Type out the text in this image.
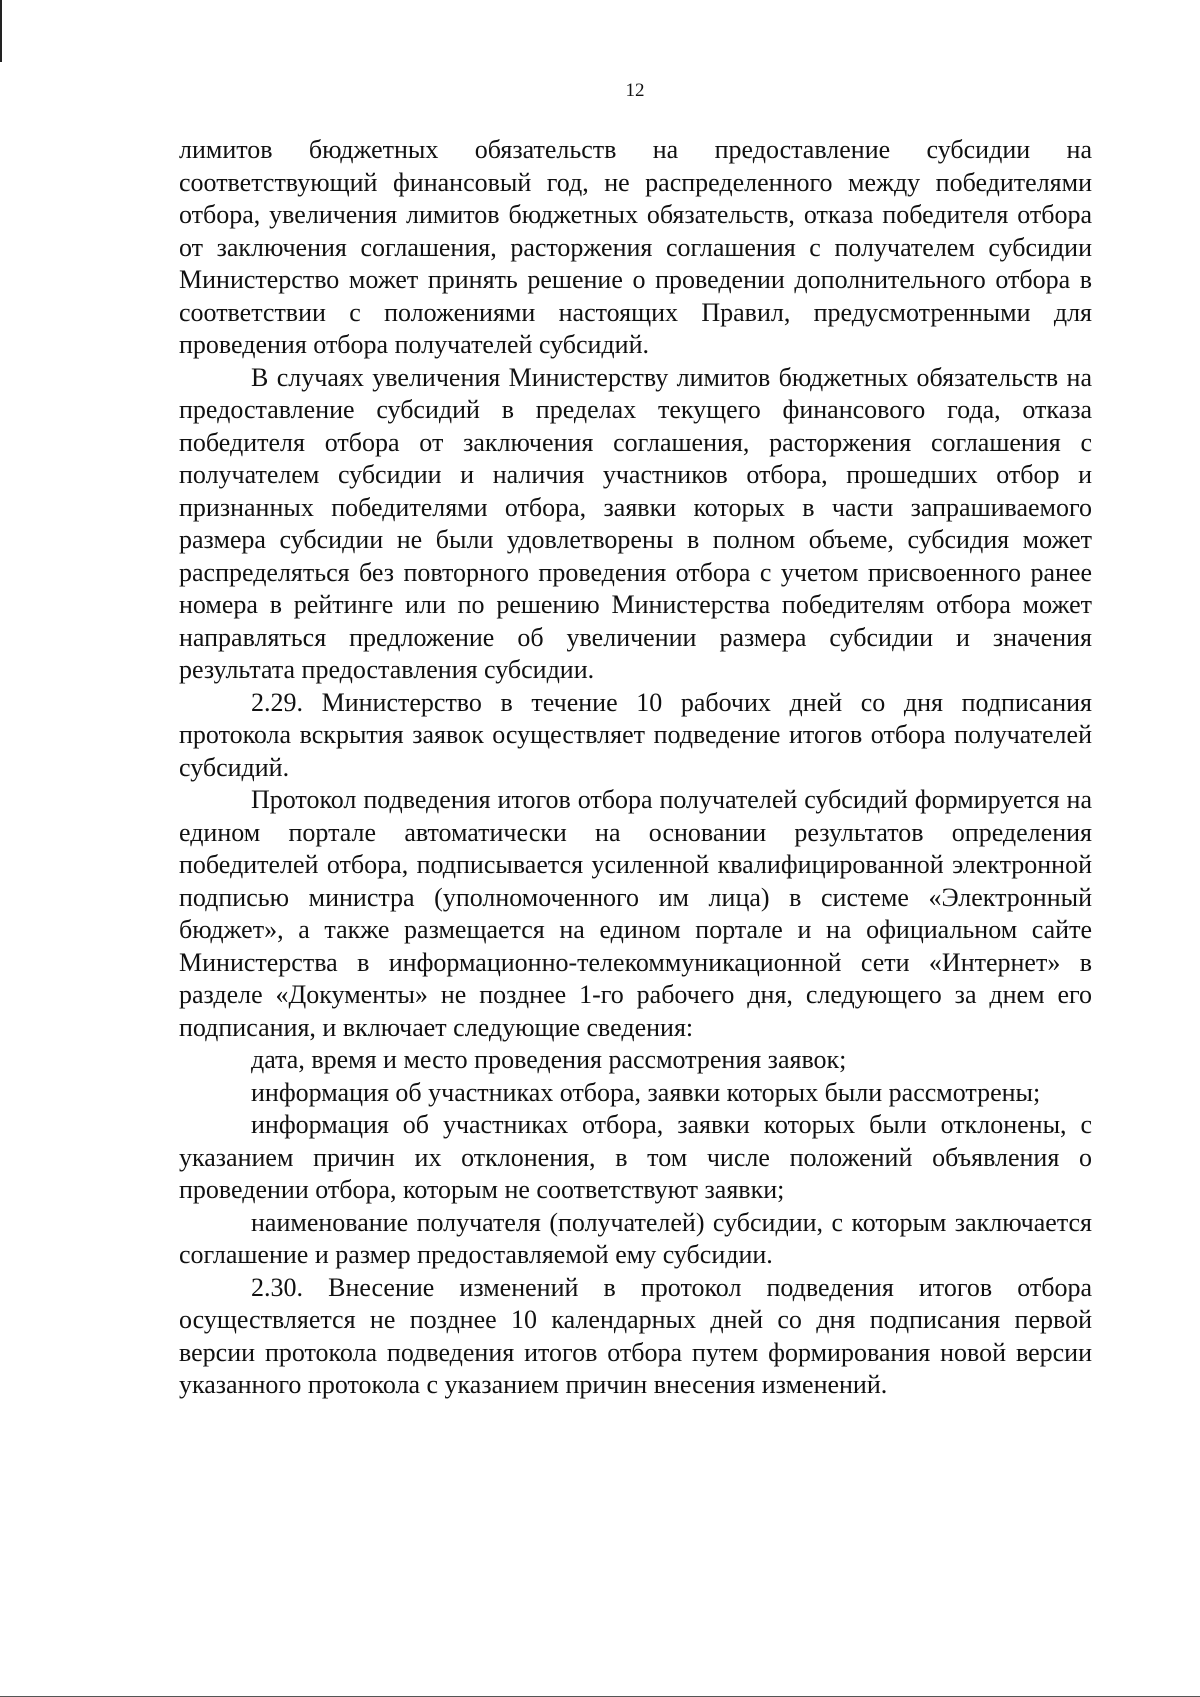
12

лимитов бюджетных обязательств на предоставление субсидии на соответствующий финансовый год, не распределенного между победителями отбора, увеличения лимитов бюджетных обязательств, отказа победителя отбора от заключения соглашения, расторжения соглашения с получателем субсидии Министерство может принять решение о проведении дополнительного отбора в соответствии с положениями настоящих Правил, предусмотренными для проведения отбора получателей субсидий.

В случаях увеличения Министерству лимитов бюджетных обязательств на предоставление субсидий в пределах текущего финансового года, отказа победителя отбора от заключения соглашения, расторжения соглашения с получателем субсидии и наличия участников отбора, прошедших отбор и признанных победителями отбора, заявки которых в части запрашиваемого размера субсидии не были удовлетворены в полном объеме, субсидия может распределяться без повторного проведения отбора с учетом присвоенного ранее номера в рейтинге или по решению Министерства победителям отбора может направляться предложение об увеличении размера субсидии и значения результата предоставления субсидии.

2.29. Министерство в течение 10 рабочих дней со дня подписания протокола вскрытия заявок осуществляет подведение итогов отбора получателей субсидий.

Протокол подведения итогов отбора получателей субсидий формируется на едином портале автоматически на основании результатов определения победителей отбора, подписывается усиленной квалифицированной электронной подписью министра (уполномоченного им лица) в системе «Электронный бюджет», а также размещается на едином портале и на официальном сайте Министерства в информационно-телекоммуникационной сети «Интернет» в разделе «Документы» не позднее 1-го рабочего дня, следующего за днем его подписания, и включает следующие сведения:

дата, время и место проведения рассмотрения заявок;

информация об участниках отбора, заявки которых были рассмотрены;

информация об участниках отбора, заявки которых были отклонены, с указанием причин их отклонения, в том числе положений объявления о проведении отбора, которым не соответствуют заявки;

наименование получателя (получателей) субсидии, с которым заключается соглашение и размер предоставляемой ему субсидии.

2.30. Внесение изменений в протокол подведения итогов отбора осуществляется не позднее 10 календарных дней со дня подписания первой версии протокола подведения итогов отбора путем формирования новой версии указанного протокола с указанием причин внесения изменений.
